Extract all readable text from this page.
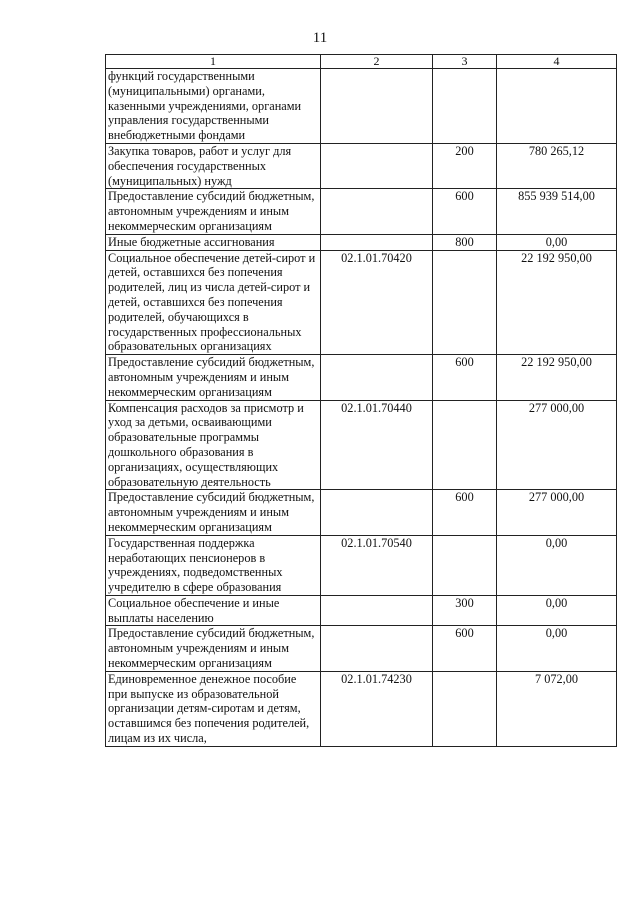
11
1	2	3	4
функций государственными (муниципальными) органами, казенными учреждениями, органами управления государственными внебюджетными фондами			
Закупка товаров, работ и услуг для обеспечения государственных (муниципальных) нужд		200	780 265,12
Предоставление субсидий бюджетным, автономным учреждениям и иным некоммерческим организациям		600	855 939 514,00
Иные бюджетные ассигнования		800	0,00
Социальное обеспечение детей-сирот и детей, оставшихся без попечения родителей, лиц из числа детей-сирот и детей, оставшихся без попечения родителей, обучающихся в государственных профессиональных образовательных организациях	02.1.01.70420		22 192 950,00
Предоставление субсидий бюджетным, автономным учреждениям и иным некоммерческим организациям		600	22 192 950,00
Компенсация расходов за присмотр и уход за детьми, осваивающими образовательные программы дошкольного образования в организациях, осуществляющих образовательную деятельность	02.1.01.70440		277 000,00
Предоставление субсидий бюджетным, автономным учреждениям и иным некоммерческим организациям		600	277 000,00
Государственная поддержка неработающих пенсионеров в учреждениях, подведомственных учредителю в сфере образования	02.1.01.70540		0,00
Социальное обеспечение и иные выплаты населению		300	0,00
Предоставление субсидий бюджетным, автономным учреждениям и иным некоммерческим организациям		600	0,00
Единовременное денежное пособие при выпуске из образовательной организации детям-сиротам и детям, оставшимся без попечения родителей, лицам из их числа,	02.1.01.74230		7 072,00
